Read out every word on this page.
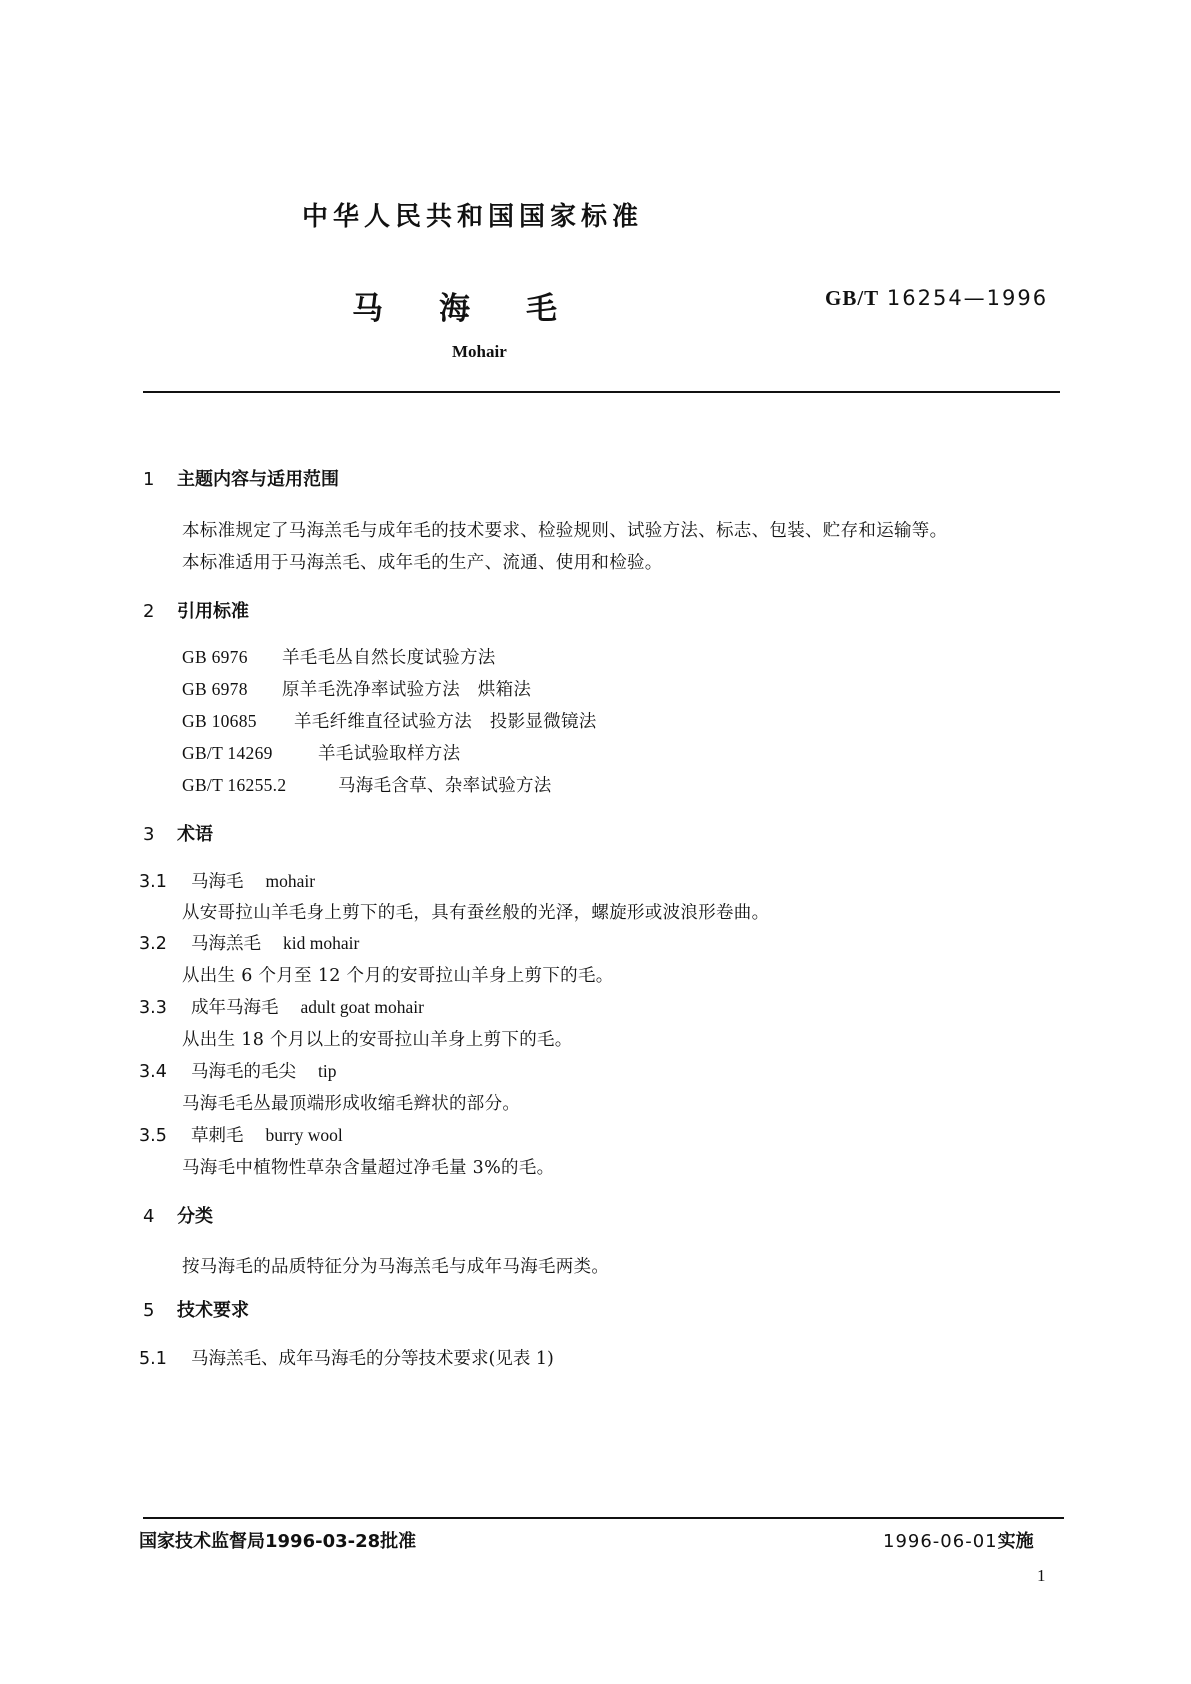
中华人民共和国国家标准
马 海 毛	GB/T 16254—1996
Mohair
1 主题内容与适用范围
本标准规定了马海羔毛与成年毛的技术要求、检验规则、试验方法、标志、包装、贮存和运输等。
本标准适用于马海羔毛、成年毛的生产、流通、使用和检验。
2 引用标准
GB 6976 羊毛毛丛自然长度试验方法
GB 6978 原羊毛洗净率试验方法　烘箱法
GB 10685 羊毛纤维直径试验方法　投影显微镜法
GB/T 14269	羊毛试验取样方法
GB/T 16255.2	马海毛含草、杂率试验方法
3 术语
3.1 马海毛 mohair
从安哥拉山羊毛身上剪下的毛，具有蚕丝般的光泽，螺旋形或波浪形卷曲。
3.2 马海羔毛 kid mohair
从出生 6 个月至 12 个月的安哥拉山羊身上剪下的毛。
3.3 成年马海毛 adult goat mohair
从出生 18 个月以上的安哥拉山羊身上剪下的毛。
3.4 马海毛的毛尖 tip
马海毛毛丛最顶端形成收缩毛辫状的部分。
3.5 草刺毛 burry wool
马海毛中植物性草杂含量超过净毛量 3%的毛。
4 分类
按马海毛的品质特征分为马海羔毛与成年马海毛两类。
5 技术要求
5.1 马海羔毛、成年马海毛的分等技术要求(见表 1)
国家技术监督局1996-03-28批准	1996-06-01实施
1
